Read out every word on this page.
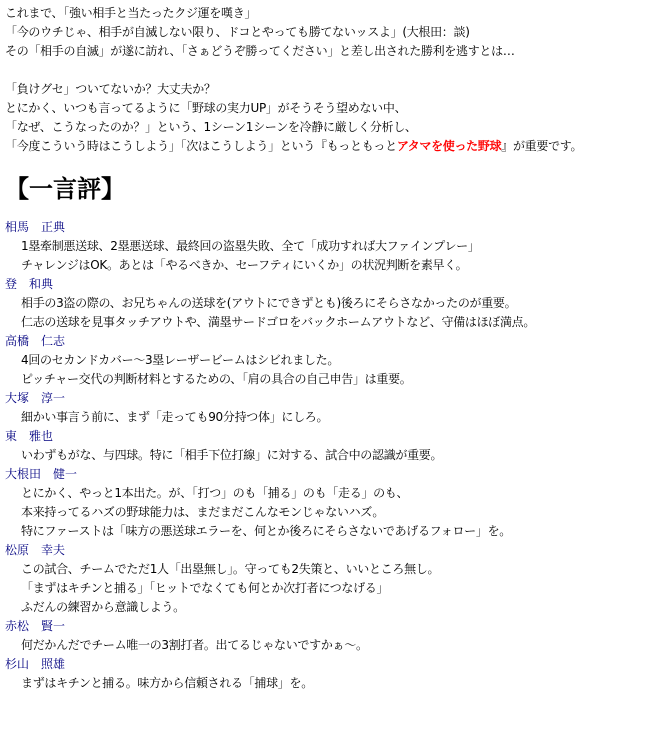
これまで、「強い相手と当たったクジ運を嘆き」
「今のウチじゃ、相手が自滅しない限り、ドコとやっても勝てないッスよ」(大根田：談)
その「相手の自滅」が遂に訪れ、「さぁどうぞ勝ってください」と差し出された勝利を逃すとは…
「負けグセ」ついてないか？大丈夫か？
とにかく、いつも言ってるように「野球の実力UP」がそうそう望めない中、
「なぜ、こうなったのか？」という、1シーン1シーンを冷静に厳しく分析し、
「今度こういう時はこうしよう」「次はこうしよう」という『もっともっとアタマを使った野球』が重要です。
【一言評】
相馬　正典
1塁牽制悪送球、2塁悪送球、最終回の盗塁失敗、全て「成功すれば大ファインプレー」
チャレンジはOK。あとは「やるべきか、セーフティにいくか」の状況判断を素早く。
登　和典
相手の3盗の際の、お兄ちゃんの送球を(アウトにできずとも)後ろにそらさなかったのが重要。
仁志の送球を見事タッチアウトや、満塁サードゴロをバックホームアウトなど、守備はほぼ満点。
高橋　仁志
4回のセカンドカバー～3塁レーザービームはシビれました。
ピッチャー交代の判断材料とするための、「肩の具合の自己申告」は重要。
大塚　淳一
細かい事言う前に、まず「走っても90分持つ体」にしろ。
東　雅也
いわずもがな、与四球。特に「相手下位打線」に対する、試合中の認識が重要。
大根田　健一
とにかく、やっと1本出た。が、「打つ」のも「捕る」のも「走る」のも、
本来持ってるハズの野球能力は、まだまだこんなモンじゃないハズ。
特にファーストは「味方の悪送球エラーを、何とか後ろにそらさないであげるフォロー」を。
松原　幸夫
この試合、チームでただ1人「出塁無し」。守っても2失策と、いいところ無し。
「まずはキチンと捕る」「ヒットでなくても何とか次打者につなげる」
ふだんの練習から意識しよう。
赤松　賢一
何だかんだでチーム唯一の3割打者。出てるじゃないですかぁ〜。
杉山　照雄
まずはキチンと捕る。味方から信頼される「捕球」を。
